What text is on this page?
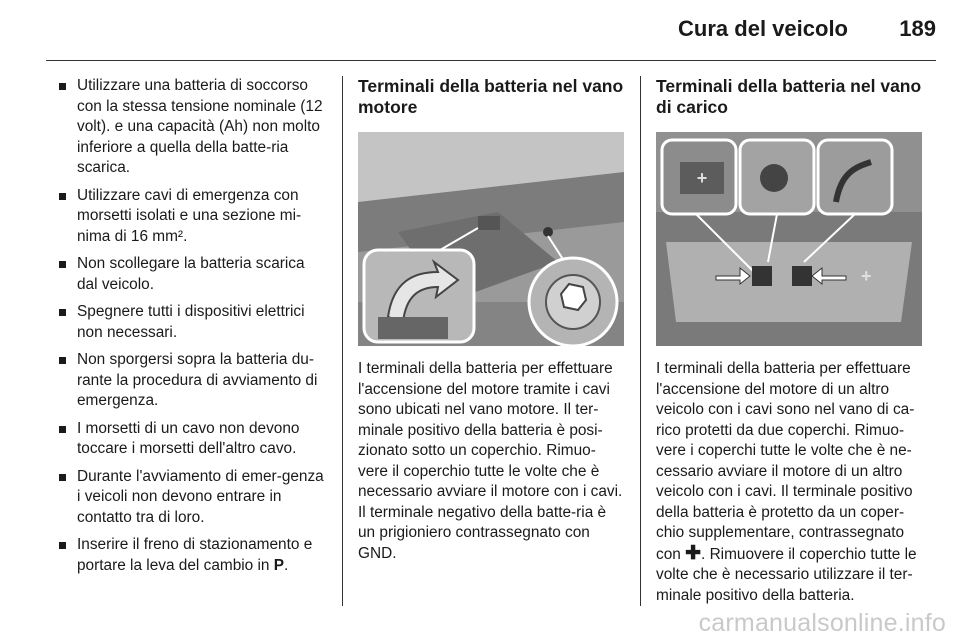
Cura del veicolo 189
Utilizzare una batteria di soccorso con la stessa tensione nominale (12 volt). e una capacità (Ah) non molto inferiore a quella della batte-ria scarica.
Utilizzare cavi di emergenza con morsetti isolati e una sezione mi-nima di 16 mm².
Non scollegare la batteria scarica dal veicolo.
Spegnere tutti i dispositivi elettrici non necessari.
Non sporgersi sopra la batteria du-rante la procedura di avviamento di emergenza.
I morsetti di un cavo non devono toccare i morsetti dell'altro cavo.
Durante l'avviamento di emer-genza i veicoli non devono entrare in contatto tra di loro.
Inserire il freno di stazionamento e portare la leva del cambio in P.
Terminali della batteria nel vano motore

I terminali della batteria per effettuare l'accensione del motore tramite i cavi sono ubicati nel vano motore. Il ter-minale positivo della batteria è posi-zionato sotto un coperchio. Rimuo-vere il coperchio tutte le volte che è necessario avviare il motore con i cavi. Il terminale negativo della batte-ria è un prigioniero contrassegnato con GND.

Terminali della batteria nel vano di carico
+
+

I terminali della batteria per effettuare l'accensione del motore di un altro veicolo con i cavi sono nel vano di ca-rico protetti da due coperchi. Rimuo-vere i coperchi tutte le volte che è ne-cessario avviare il motore di un altro veicolo con i cavi. Il terminale positivo della batteria è protetto da un coper-chio supplementare, contrassegnato con ✚. Rimuovere il coperchio tutte le volte che è necessario utilizzare il ter-minale positivo della batteria.

carmanualsonline.info
